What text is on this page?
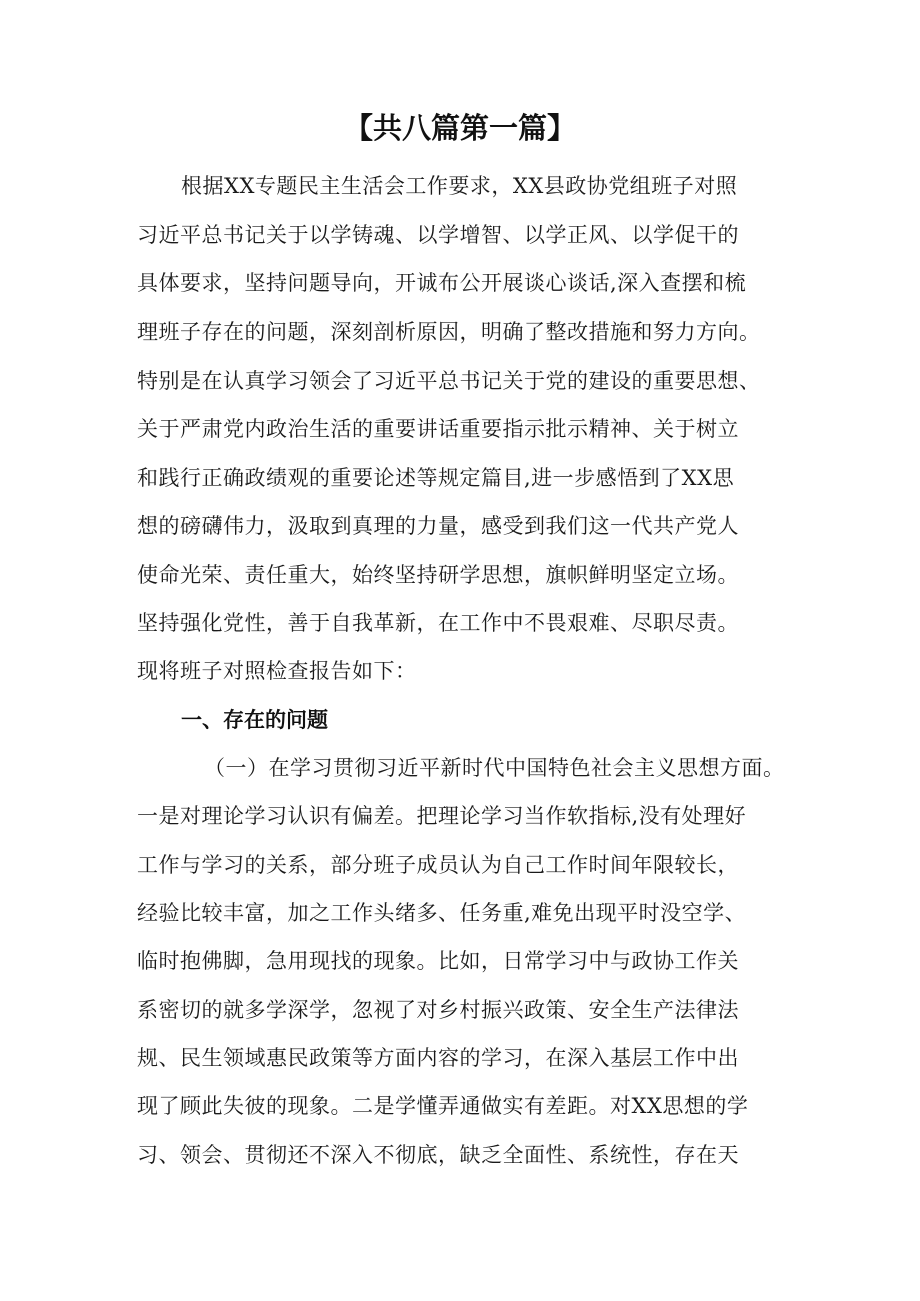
【共八篇第一篇】

根据XX专题民主生活会工作要求，XX县政协党组班子对照

习近平总书记关于以学铸魂、以学增智、以学正风、以学促干的

具体要求，坚持问题导向，开诚布公开展谈心谈话,深入查摆和梳

理班子存在的问题，深刻剖析原因，明确了整改措施和努力方向。

特别是在认真学习领会了习近平总书记关于党的建设的重要思想、

关于严肃党内政治生活的重要讲话重要指示批示精神、关于树立

和践行正确政绩观的重要论述等规定篇目,进一步感悟到了XX思

想的磅礴伟力，汲取到真理的力量，感受到我们这一代共产党人

使命光荣、责任重大，始终坚持研学思想，旗帜鲜明坚定立场。

坚持强化党性，善于自我革新，在工作中不畏艰难、尽职尽责。

现将班子对照检查报告如下：

一、存在的问题

（一）在学习贯彻习近平新时代中国特色社会主义思想方面。

一是对理论学习认识有偏差。把理论学习当作软指标,没有处理好

工作与学习的关系，部分班子成员认为自己工作时间年限较长，

经验比较丰富，加之工作头绪多、任务重,难免出现平时没空学、

临时抱佛脚，急用现找的现象。比如，日常学习中与政协工作关

系密切的就多学深学，忽视了对乡村振兴政策、安全生产法律法

规、民生领域惠民政策等方面内容的学习，在深入基层工作中出

现了顾此失彼的现象。二是学懂弄通做实有差距。对XX思想的学

习、领会、贯彻还不深入不彻底，缺乏全面性、系统性，存在天
